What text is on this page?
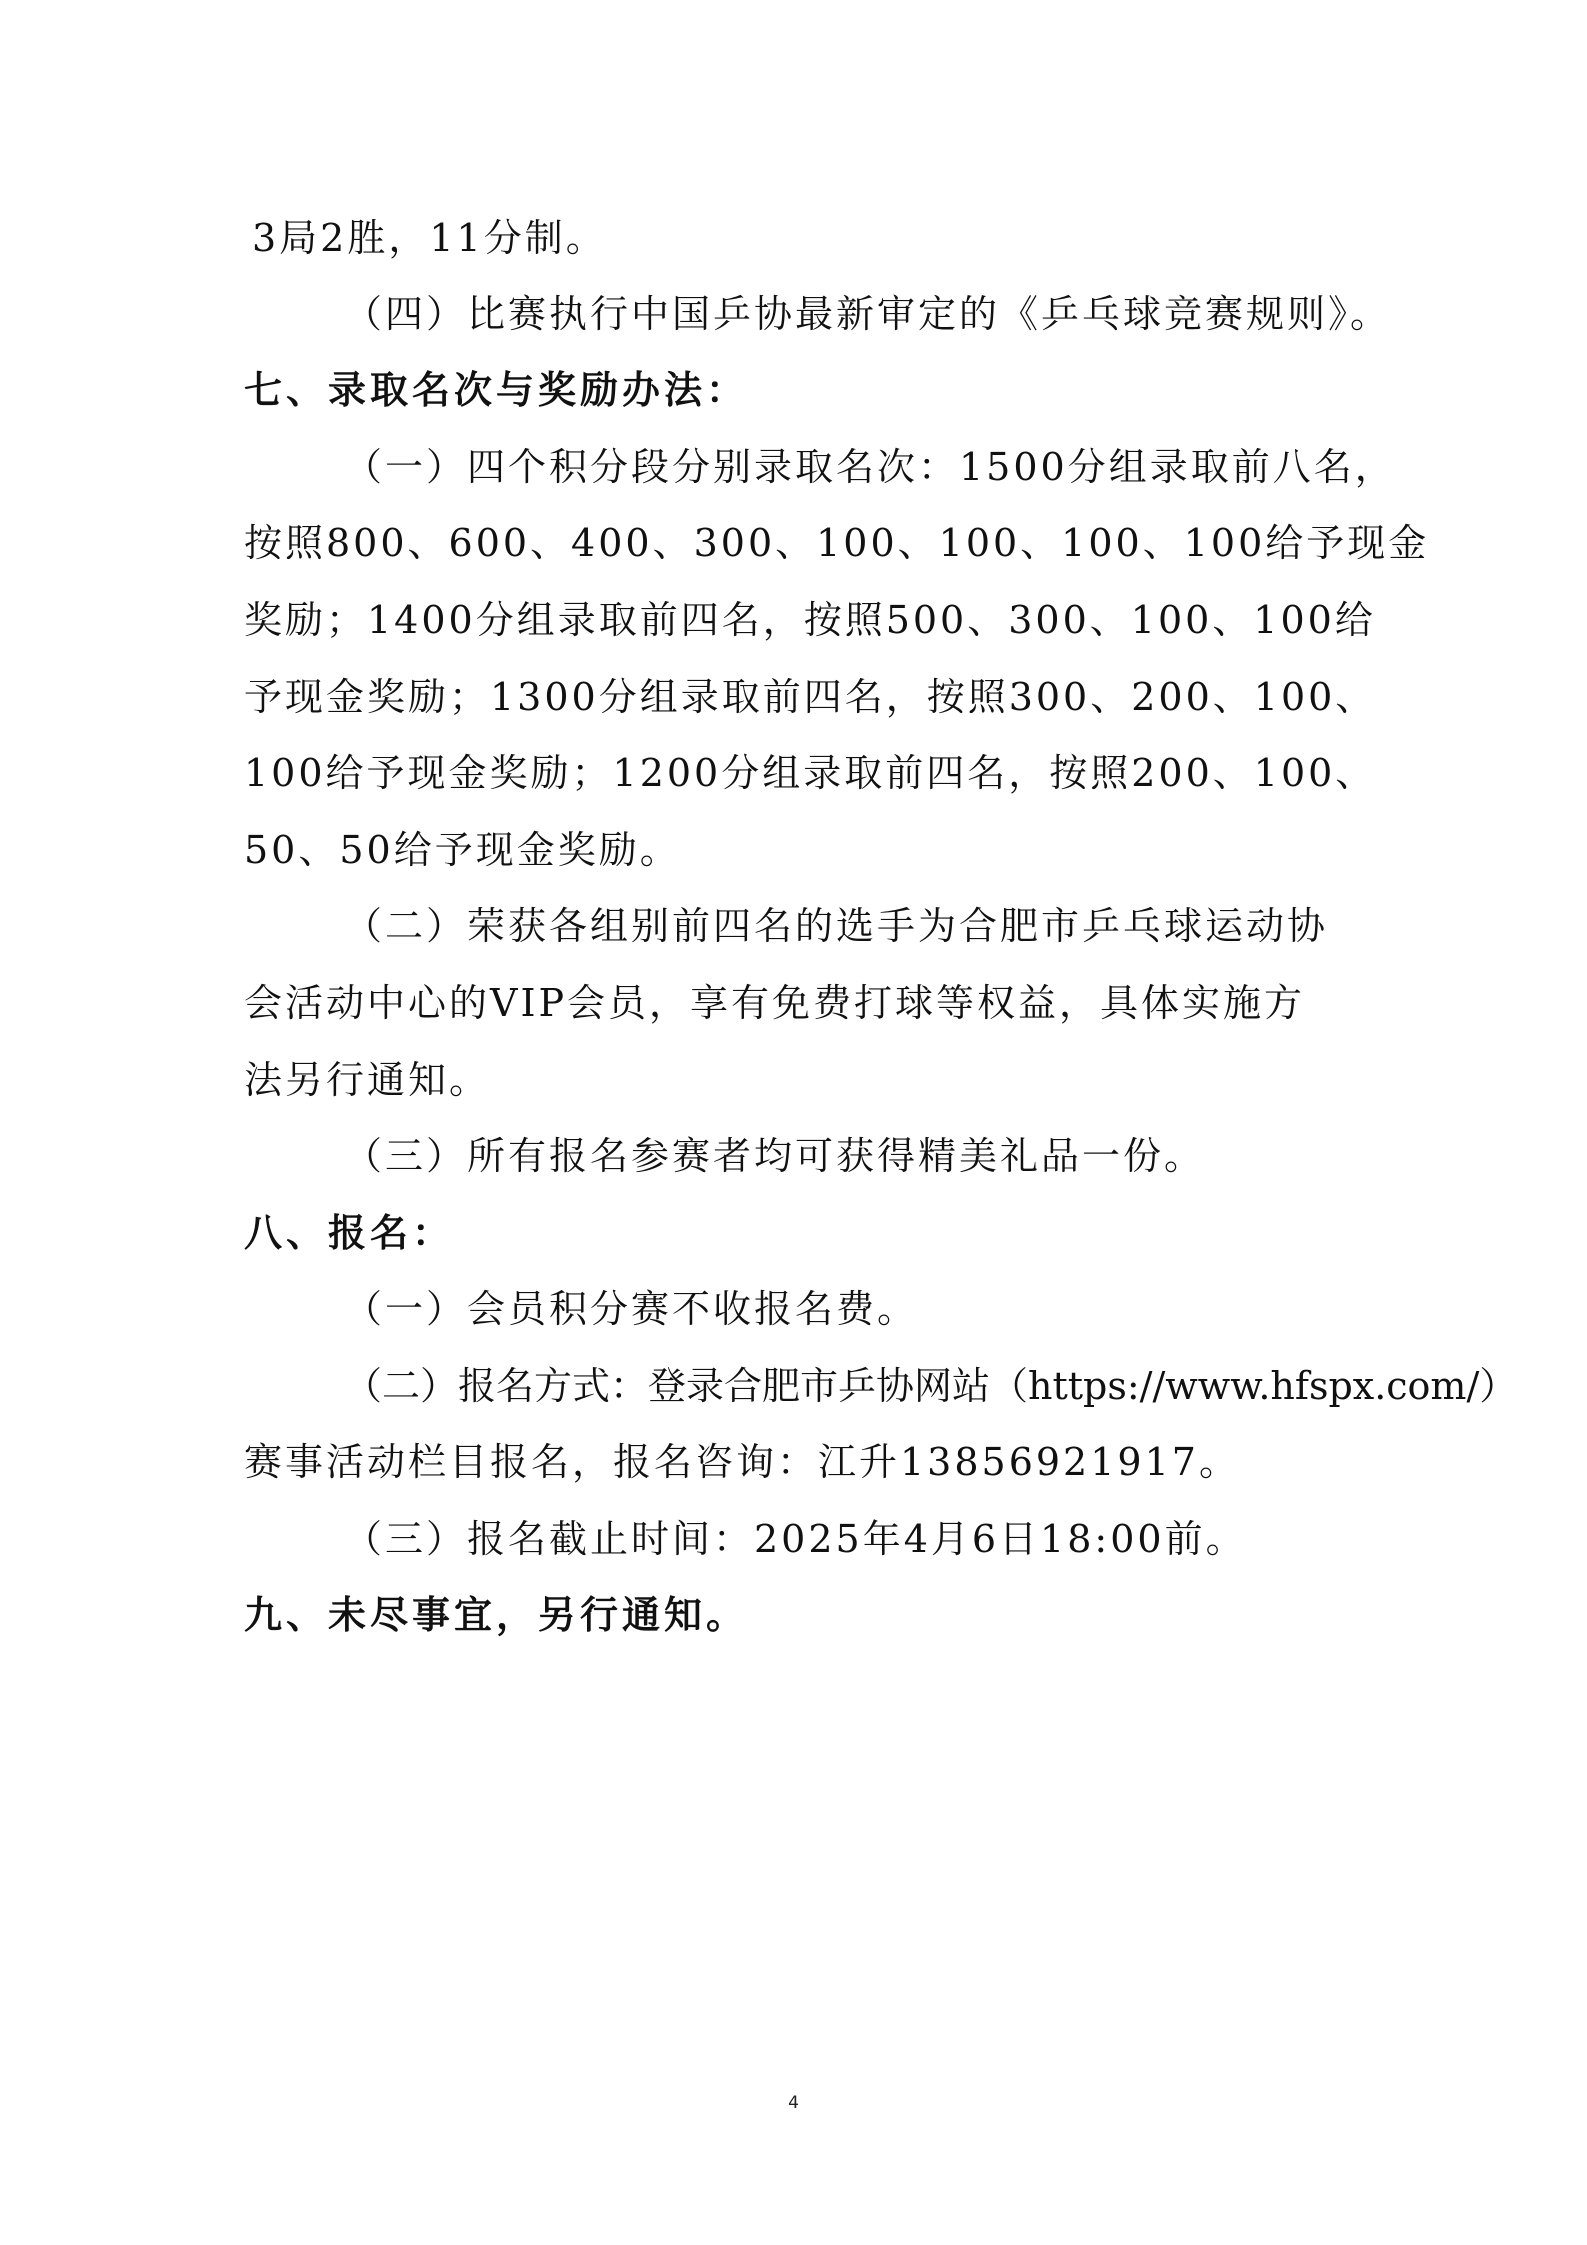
3局2胜，11分制。
（四）比赛执行中国乒协最新审定的《乒乓球竞赛规则》。
七、录取名次与奖励办法：
（一）四个积分段分别录取名次：1500分组录取前八名，
按照800、600、400、300、100、100、100、100给予现金
奖励；1400分组录取前四名，按照500、300、100、100给
予现金奖励；1300分组录取前四名，按照300、200、100、
100给予现金奖励；1200分组录取前四名，按照200、100、
50、50给予现金奖励。
（二）荣获各组别前四名的选手为合肥市乒乓球运动协
会活动中心的VIP会员，享有免费打球等权益，具体实施方
法另行通知。
（三）所有报名参赛者均可获得精美礼品一份。
八、报名：
（一）会员积分赛不收报名费。
（二）报名方式：登录合肥市乒协网站（https://www.hfspx.com/）
赛事活动栏目报名，报名咨询：江升13856921917。
（三）报名截止时间：2025年4月6日18:00前。
九、未尽事宜，另行通知。
4
